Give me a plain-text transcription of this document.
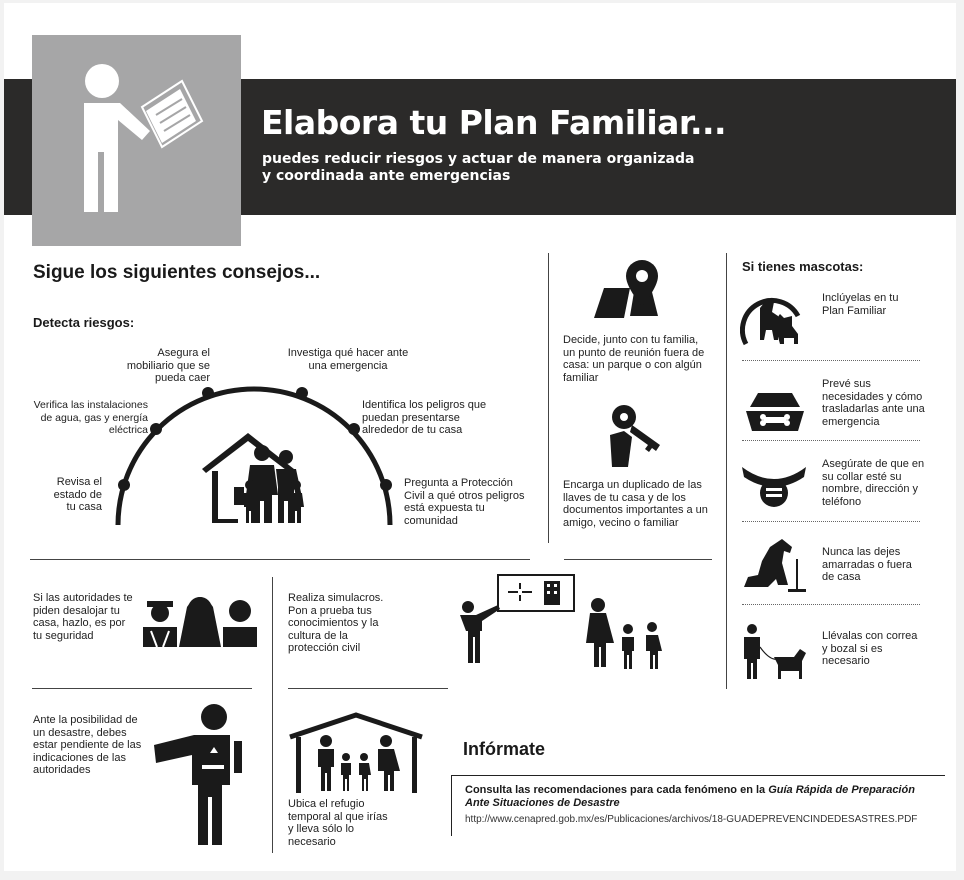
Elabora tu Plan Familiar...
puedes reducir riesgos y actuar de manera organizada
y coordinada ante emergencias
Sigue los siguientes consejos...
Detecta riesgos:
Revisa el estado de tu casa
Verifica las instalaciones de agua, gas y energía eléctrica
Asegura el mobiliario que se pueda caer
Investiga qué hacer ante una emergencia
Identifica los peligros que puedan presentarse alrededor de tu casa
Pregunta a Protección Civil a qué otros peligros está expuesta tu comunidad
Decide, junto con tu familia, un punto de reunión fuera de casa: un parque o con algún familiar
Encarga un duplicado de las llaves de tu casa y de los documentos importantes a un amigo, vecino o familiar
Si tienes mascotas:
Inclúyelas en tu Plan Familiar
Prevé sus necesidades y cómo trasladarlas ante una emergencia
Asegúrate de que en su collar esté su nombre, dirección y teléfono
Nunca las dejes amarradas o fuera de casa
Llévalas con correa y bozal si es necesario
Si las autoridades te piden desalojar tu casa, hazlo, es por tu seguridad
Realiza simulacros. Pon a prueba tus conocimientos y la cultura de la protección civil
Ante la posibilidad de un desastre, debes estar pendiente de las indicaciones de las autoridades
Ubica el refugio temporal al que irías y lleva sólo lo necesario
Infórmate
Consulta las recomendaciones para cada fenómeno en la Guía Rápida de Preparación Ante Situaciones de Desastre
http://www.cenapred.gob.mx/es/Publicaciones/archivos/18-GUADEPREVENCINDEDESASTRES.PDF
